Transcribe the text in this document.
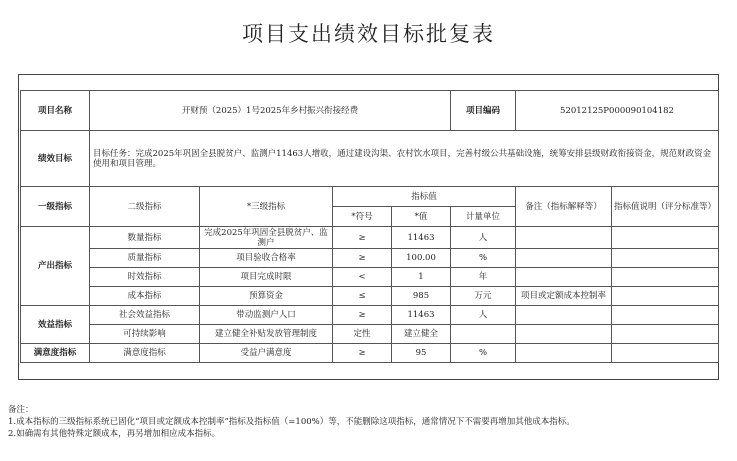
项目支出绩效目标批复表
项目名称	开财预（2025）1号2025年乡村振兴衔接经费				项目编码	52012125P000090104182	
绩效目标	目标任务：完成2025年巩固全县脱贫户、监测户11463人增收，通过建设沟渠、农村饮水项目，完善村级公共基础设施，统筹安排县级财政衔接资金，规范财政资金使用和项目管理。						
一级指标	二级指标	*三级指标	指标值			备注（指标解释等）	指标值说明（评分标准等）
			*符号	*值	计量单位		
产出指标	数量指标	完成2025年巩固全县脱贫户、监测户	≥	11463	人		
	质量指标	项目验收合格率	≥	100.00	%		
	时效指标	项目完成时限	<	1	年		
	成本指标	预算资金	≤	985	万元	项目或定额成本控制率	
效益指标	社会效益指标	带动监测户人口	≥	11463	人		
	可持续影响	建立健全补贴发放管理制度	定性	建立健全			
满意度指标	满意度指标	受益户满意度	≥	95	%		
备注：
1.成本指标的三级指标系统已固化“项目或定额成本控制率”指标及指标值（=100%）等，不能删除这项指标，通常情况下不需要再增加其他成本指标。
2.如确需有其他特殊定额成本，再另增加相应成本指标。
